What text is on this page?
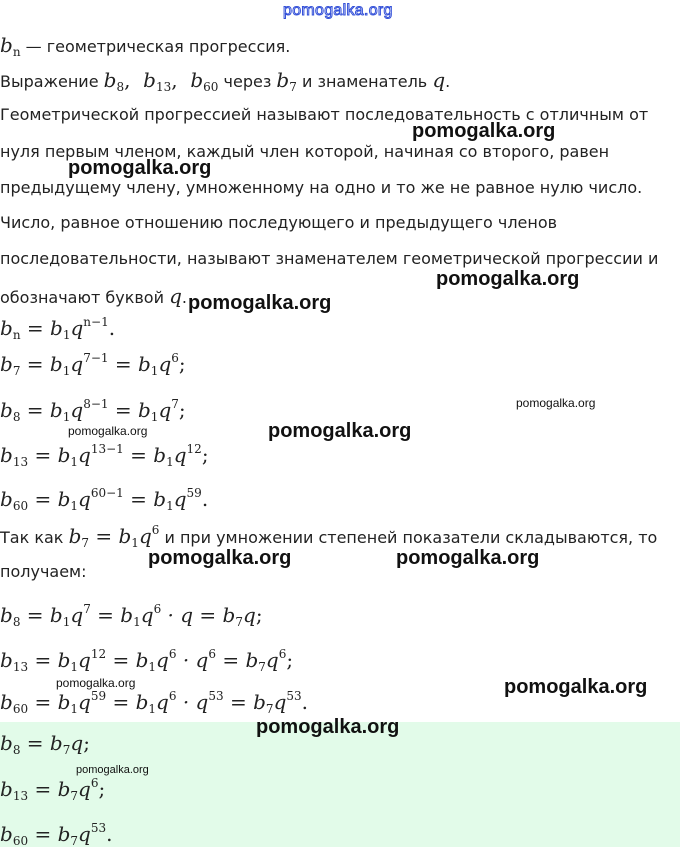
pomogalka.org
$b_n$ — геометрическая прогрессия.
Выражение $b_8$,  $b_{13}$,  $b_{60}$ через $b_7$ и знаменатель q.
Геометрической прогрессией называют последовательность с отличным от
нуля первым членом, каждый член которой, начиная со второго, равен
предыдущему члену, умноженному на одно и то же не равное нулю число.
Число, равное отношению последующего и предыдущего членов
последовательности, называют знаменателем геометрической прогрессии и
обозначают буквой q.
$b_n = b_1q^{n-1}$.
$b_7 = b_1q^{7-1} = b_1q^6$;
$b_8 = b_1q^{8-1} = b_1q^7$;
$b_{13} = b_1q^{13-1} = b_1q^{12}$;
$b_{60} = b_1q^{60-1} = b_1q^{59}$.
Так как $b_7 = b_1q^6$ и при умножении степеней показатели складываются, то
получаем:
$b_8 = b_1q^7 = b_1q^6 \cdot q = b_7q$;
$b_{13} = b_1q^{12} = b_1q^6 \cdot q^6 = b_7q^6$;
$b_{60} = b_1q^{59} = b_1q^6 \cdot q^{53} = b_7q^{53}$.
$b_8 = b_7q$;
$b_{13} = b_7q^6$;
$b_{60} = b_7q^{53}$.
pomogalka.org
pomogalka.org
pomogalka.org
pomogalka.org
pomogalka.org
pomogalka.org	pomogalka.org
pomogalka.org	pomogalka.org
pomogalka.org	pomogalka.org
pomogalka.org
pomogalka.org
